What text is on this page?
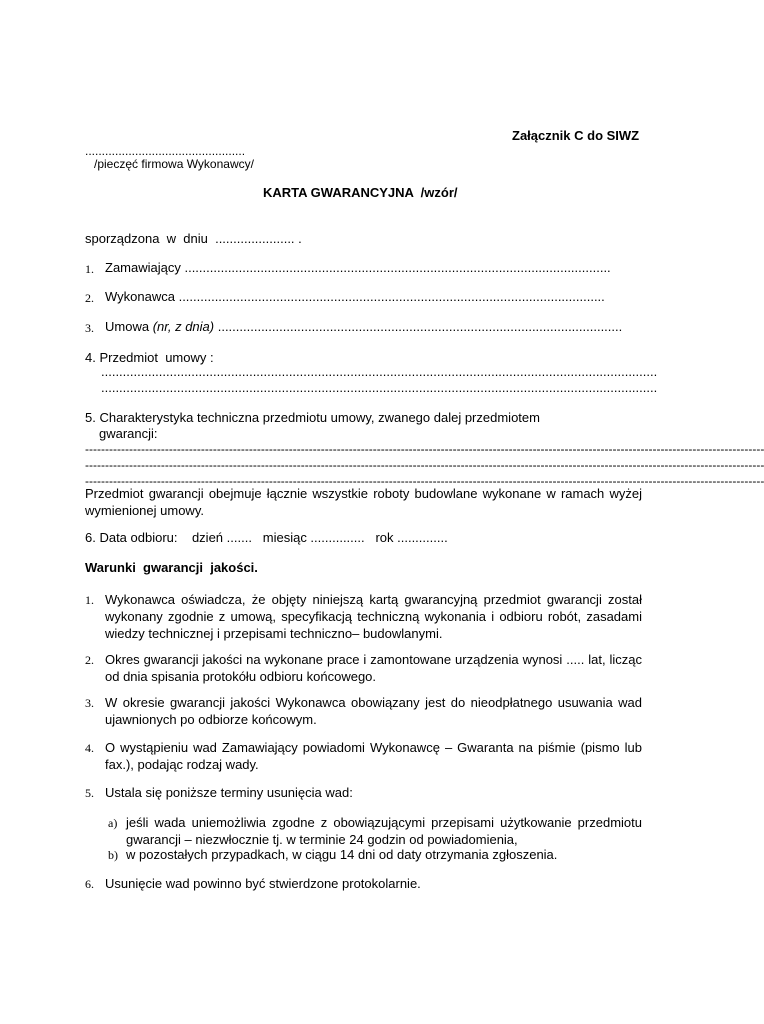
Załącznik C do SIWZ
................................................
/pieczęć firmowa Wykonawcy/
KARTA GWARANCYJNA  /wzór/
sporządzona  w  dniu  ...................... .
1. Zamawiający ......................................................................................................................
2. Wykonawca ......................................................................................................................
3. Umowa (nr, z dnia) ................................................................................................................
4. Przedmiot  umowy :
..........................................................................................................................................................
..........................................................................................................................................................
5. Charakterystyka techniczna przedmiotu umowy, zwanego dalej przedmiotem
gwarancji:
--------------------------------------------------------------------------------------------------------------------------------------------------------------------------
--------------------------------------------------------------------------------------------------------------------------------------------------------------------------
--------------------------------------------------------------------------------------------------------------------------------------------------------------------------
Przedmiot gwarancji obejmuje łącznie wszystkie roboty budowlane wykonane w ramach wyżej wymienionej umowy.
6. Data odbioru:    dzień .......   miesiąc ...............   rok ..............
Warunki  gwarancji  jakości.
1. Wykonawca oświadcza, że objęty niniejszą kartą gwarancyjną przedmiot gwarancji został wykonany zgodnie z umową, specyfikacją techniczną wykonania i odbioru robót, zasadami wiedzy technicznej i przepisami techniczno– budowlanymi.
2. Okres gwarancji jakości na wykonane prace i zamontowane urządzenia wynosi ..... lat, licząc od dnia spisania protokółu odbioru końcowego.
3. W okresie gwarancji jakości Wykonawca obowiązany jest do nieodpłatnego usuwania wad ujawnionych po odbiorze końcowym.
4. O wystąpieniu wad Zamawiający powiadomi Wykonawcę – Gwaranta na piśmie (pismo lub fax.), podając rodzaj wady.
5. Ustala się poniższe terminy usunięcia wad:
a) jeśli wada uniemożliwia zgodne z obowiązującymi przepisami użytkowanie przedmiotu gwarancji – niezwłocznie tj. w terminie 24 godzin od powiadomienia,
b) w pozostałych przypadkach, w ciągu 14 dni od daty otrzymania zgłoszenia.
6. Usunięcie wad powinno być stwierdzone protokolarnie.
